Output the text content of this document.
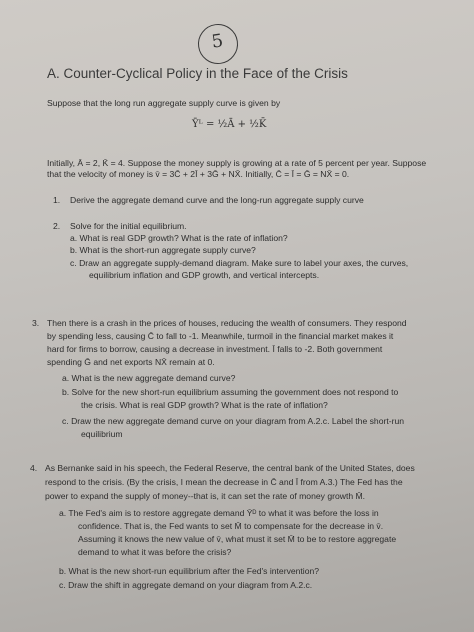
5
A. Counter-Cyclical Policy in the Face of the Crisis
Suppose that the long run aggregate supply curve is given by
Ȳᴸ = ½Ā + ½K̄
Initially, Ā = 2, K̄ = 4. Suppose the money supply is growing at a rate of 5 percent per year. Suppose
that the velocity of money is v̄ = 3C̄ + 2Ī + 3Ḡ + NX̄. Initially, C̄ = Ī = Ḡ = NX̄ = 0.
1. Derive the aggregate demand curve and the long-run aggregate supply curve
2. Solve for the initial equilibrium.
a. What is real GDP growth? What is the rate of inflation?
b. What is the short-run aggregate supply curve?
c. Draw an aggregate supply-demand diagram. Make sure to label your axes, the curves,
equilibrium inflation and GDP growth, and vertical intercepts.
3. Then there is a crash in the prices of houses, reducing the wealth of consumers. They respond
by spending less, causing C̄ to fall to -1. Meanwhile, turmoil in the financial market makes it
hard for firms to borrow, causing a decrease in investment. Ī falls to -2. Both government
spending Ḡ and net exports NX̄ remain at 0.
a. What is the new aggregate demand curve?
b. Solve for the new short-run equilibrium assuming the government does not respond to
the crisis. What is real GDP growth? What is the rate of inflation?
c. Draw the new aggregate demand curve on your diagram from A.2.c. Label the short-run
equilibrium
4. As Bernanke said in his speech, the Federal Reserve, the central bank of the United States, does
respond to the crisis. (By the crisis, I mean the decrease in C̄ and Ī from A.3.) The Fed has the
power to expand the supply of money--that is, it can set the rate of money growth M̄.
a. The Fed's aim is to restore aggregate demand Ȳᴰ to what it was before the loss in
confidence. That is, the Fed wants to set M̄ to compensate for the decrease in v̄.
Assuming it knows the new value of v̄, what must it set M̄ to be to restore aggregate
demand to what it was before the crisis?
b. What is the new short-run equilibrium after the Fed's intervention?
c. Draw the shift in aggregate demand on your diagram from A.2.c.
